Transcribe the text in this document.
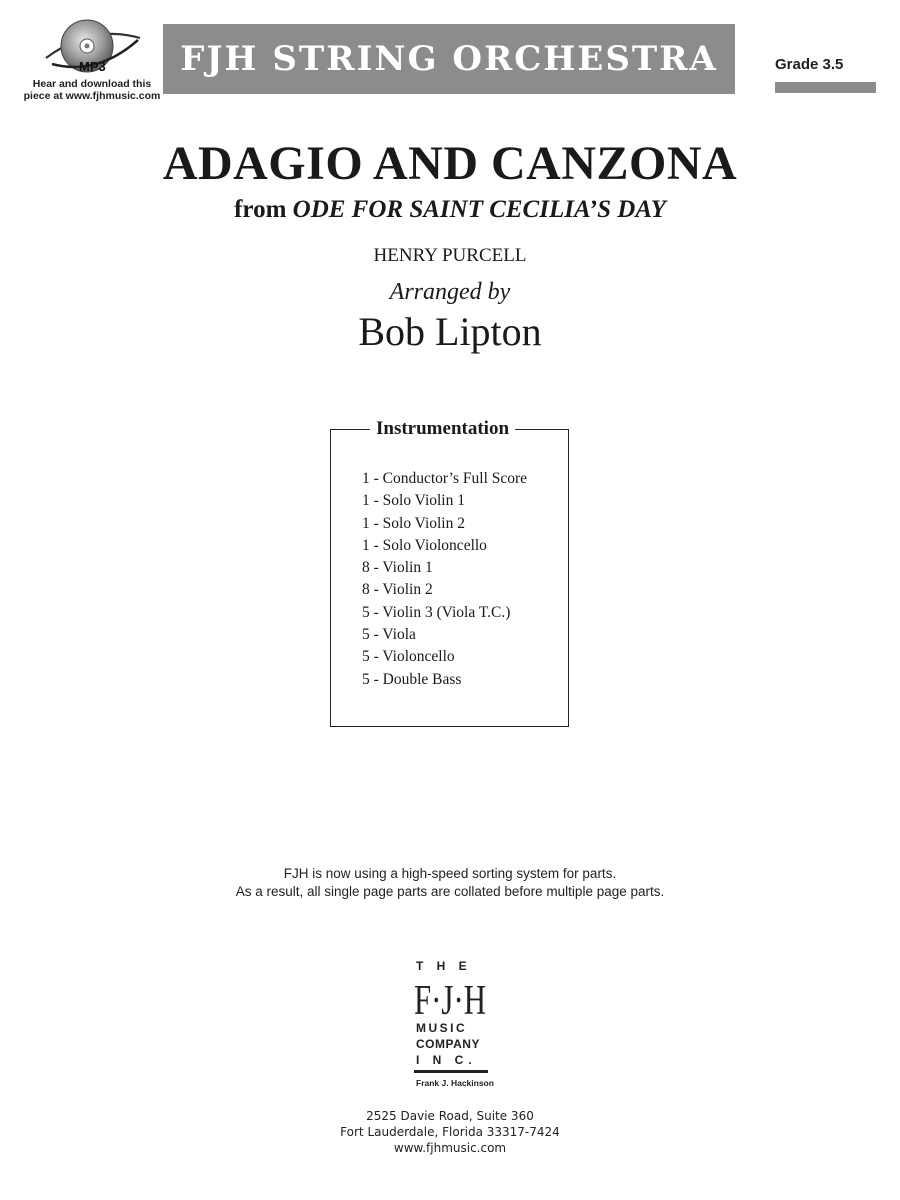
MP3
Hear and download this
piece at www.fjhmusic.com
FJH STRING ORCHESTRA	Grade 3.5
ADAGIO AND CANZONA
from ODE FOR SAINT CECILIA’S DAY
HENRY PURCELL
Arranged by
Bob Lipton
Instrumentation
1 - Conductor’s Full Score
1 - Solo Violin 1
1 - Solo Violin 2
1 - Solo Violoncello
8 - Violin 1
8 - Violin 2
5 - Violin 3 (Viola T.C.)
5 - Viola
5 - Violoncello
5 - Double Bass
FJH is now using a high-speed sorting system for parts.
As a result, all single page parts are collated before multiple page parts.
T H E
F·J·H
MUSIC
COMPANY
I N C.
Frank J. Hackinson
2525 Davie Road, Suite 360
Fort Lauderdale, Florida 33317-7424
www.fjhmusic.com
